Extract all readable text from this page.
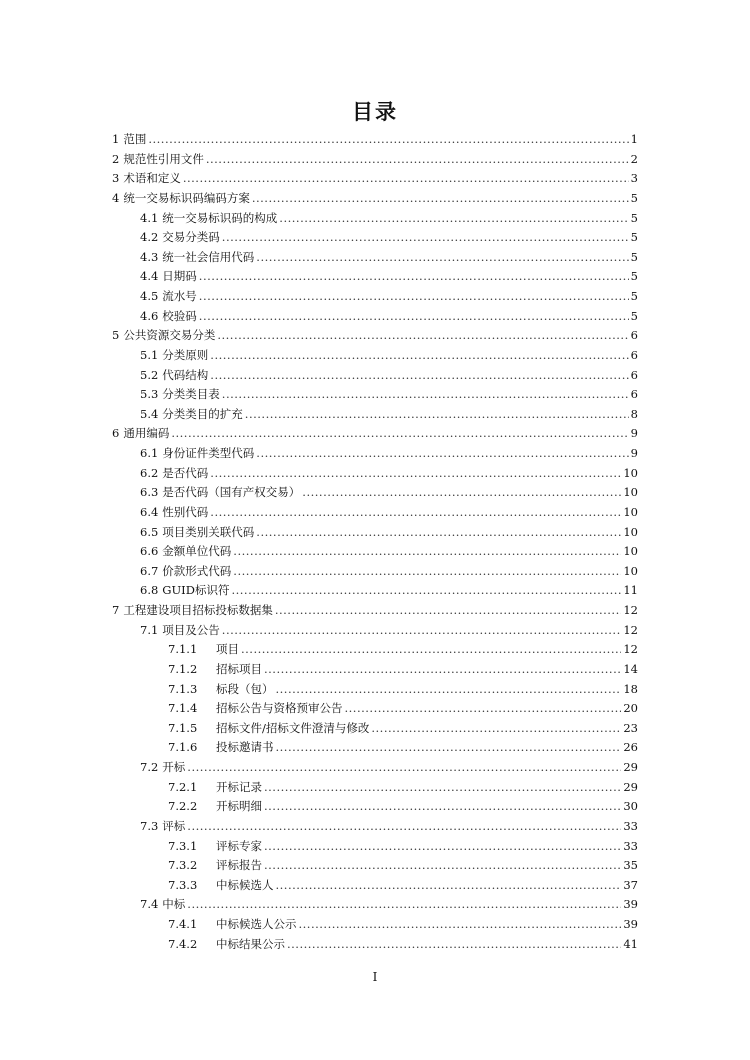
目录
1 范围 .....	1
2 规范性引用文件 .....	2
3 术语和定义 .....	3
4 统一交易标识码编码方案 .....	5
4.1 统一交易标识码的构成 .....	5
4.2 交易分类码 .....	5
4.3 统一社会信用代码 .....	5
4.4 日期码 .....	5
4.5 流水号 .....	5
4.6 校验码 .....	5
5 公共资源交易分类 .....	6
5.1 分类原则 .....	6
5.2 代码结构 .....	6
5.3 分类类目表 .....	6
5.4 分类类目的扩充 .....	8
6 通用编码 .....	9
6.1 身份证件类型代码 .....	9
6.2 是否代码 .....	10
6.3 是否代码（国有产权交易） .....	10
6.4 性别代码 .....	10
6.5 项目类别关联代码 .....	10
6.6 金额单位代码 .....	10
6.7 价款形式代码 .....	10
6.8 GUID标识符 .....	11
7 工程建设项目招标投标数据集 .....	12
7.1 项目及公告 .....	12
7.1.1	项目 .....	12
7.1.2	招标项目 .....	14
7.1.3	标段（包） .....	18
7.1.4	招标公告与资格预审公告 .....	20
7.1.5	招标文件/招标文件澄清与修改 .....	23
7.1.6	投标邀请书 .....	26
7.2 开标 .....	29
7.2.1	开标记录 .....	29
7.2.2	开标明细 .....	30
7.3 评标 .....	33
7.3.1	评标专家 .....	33
7.3.2	评标报告 .....	35
7.3.3	中标候选人 .....	37
7.4 中标 .....	39
7.4.1	中标候选人公示 .....	39
7.4.2	中标结果公示 .....	41
I
